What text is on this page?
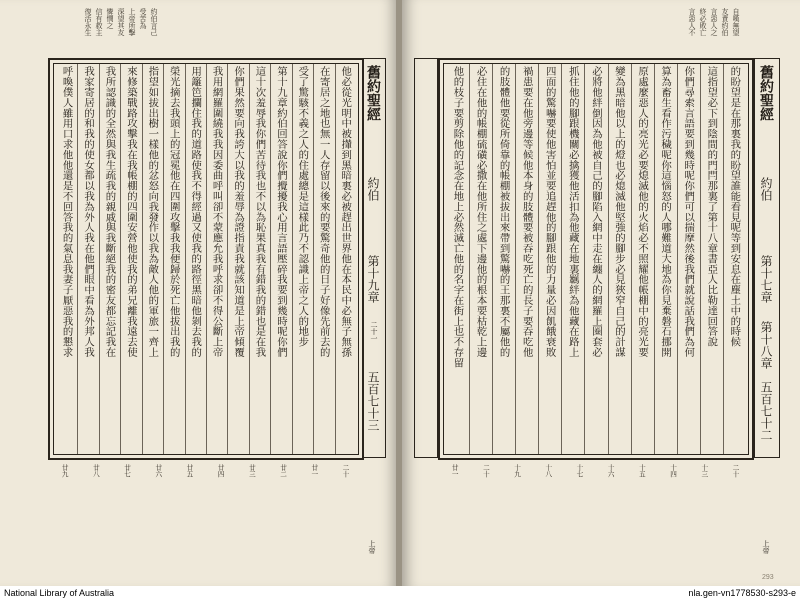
約伯言己
受苦為
上帝所擊
深望其友
憐憫之
信有救主
復活永生
他必從光明中被攆到黑暗裏必被趕出世界他在本民中必無子無孫
在寄居之地也無一人存留以後來的要驚奇他的日子好像先前去的
受了驚駭不義之人的住處總是這樣此乃不認識上帝之人的地步
第十九章約伯回答說你們攪擾我心用言語壓碎我要到幾時呢你們
這十次羞辱我你們苦待我也不以為恥果真我有錯我的錯也是在我
你們果然要向我誇大以我的羞辱為證指責我就該知道是上帝傾覆
我用網羅圍繞我我因委曲呼叫卻不蒙應允我呼求卻不得公斷上帝
用籬笆攔住我的道路使我不得經過又使我的路徑黑暗他剝去我的
榮光摘去我頭上的冠冕他在四圍攻擊我我便歸於死亡他拔出我的
指望如拔出樹一樣他的忿怒向我發作以我為敵人他的軍旅一齊上
來修築戰路攻擊我在我帳棚的四圍安營他使我的弟兄離我遠去使
我所認識的全然與我生疏我的親戚與我斷絕我的密友都忘記我在
我家寄居的和我的使女都以我為外人我在他們眼中看為外邦人我
呼喚僕人雖用口求他他還是不回答我的氣息我妻子厭惡我的懇求	舊約聖經
約伯
第十九章
二十一
五百七十三
二十
廿一
廿二
廿三
廿四
廿五
廿六
廿七
廿八
廿九
上帝
自嘆無望
友責約伯
言惡人之
終必敗亡
言惡人不
的盼望是在那裏我的盼望誰能看見呢等到安息在塵土中的時候
這指望必下到陰間的門閂那裏了第十八章書亞人比勒達回答說
你們尋索言語要到幾時呢你們可以揣摩然後我們就說話我們為何
算為畜生看作污穢呢你這惱怒的人哪難道大地為你見棄磐石挪開
原處麼惡人的亮光必要熄滅他的火焰必不照耀他帳棚中的亮光要
變為黑暗他以上的燈也必熄滅他堅強的腳步必見狹窄自己的計謀
必將他絆倒因為他被自己的腳陷入網中走在纏人的網羅上圈套必
抓住他的腳跟機關必擒獲他活扣為他藏在地裏羈絆為他藏在路上
四面的驚嚇要使他害怕並要追趕他的腳跟他的力量必因飢餓衰敗
禍患要在他旁邊等候他本身的肢體要被吞吃死亡的長子要吞吃他
的肢體他要從所倚靠的帳棚被拔出來帶到驚嚇的王那裏不屬他的
必住在他的帳棚硫磺必撒在他所住之處下邊他的根本要枯乾上邊
他的枝子要剪除他的記念在地上必然滅亡他的名字在街上也不存留	舊約聖經
約伯
第十七章
第十八章
五百七十二
二十
十三
十四
十五
十六
十七
十八
十九
二十
廿一
上帝
293
National Library of Australia	nla.gen-vn1778530-s293-e
